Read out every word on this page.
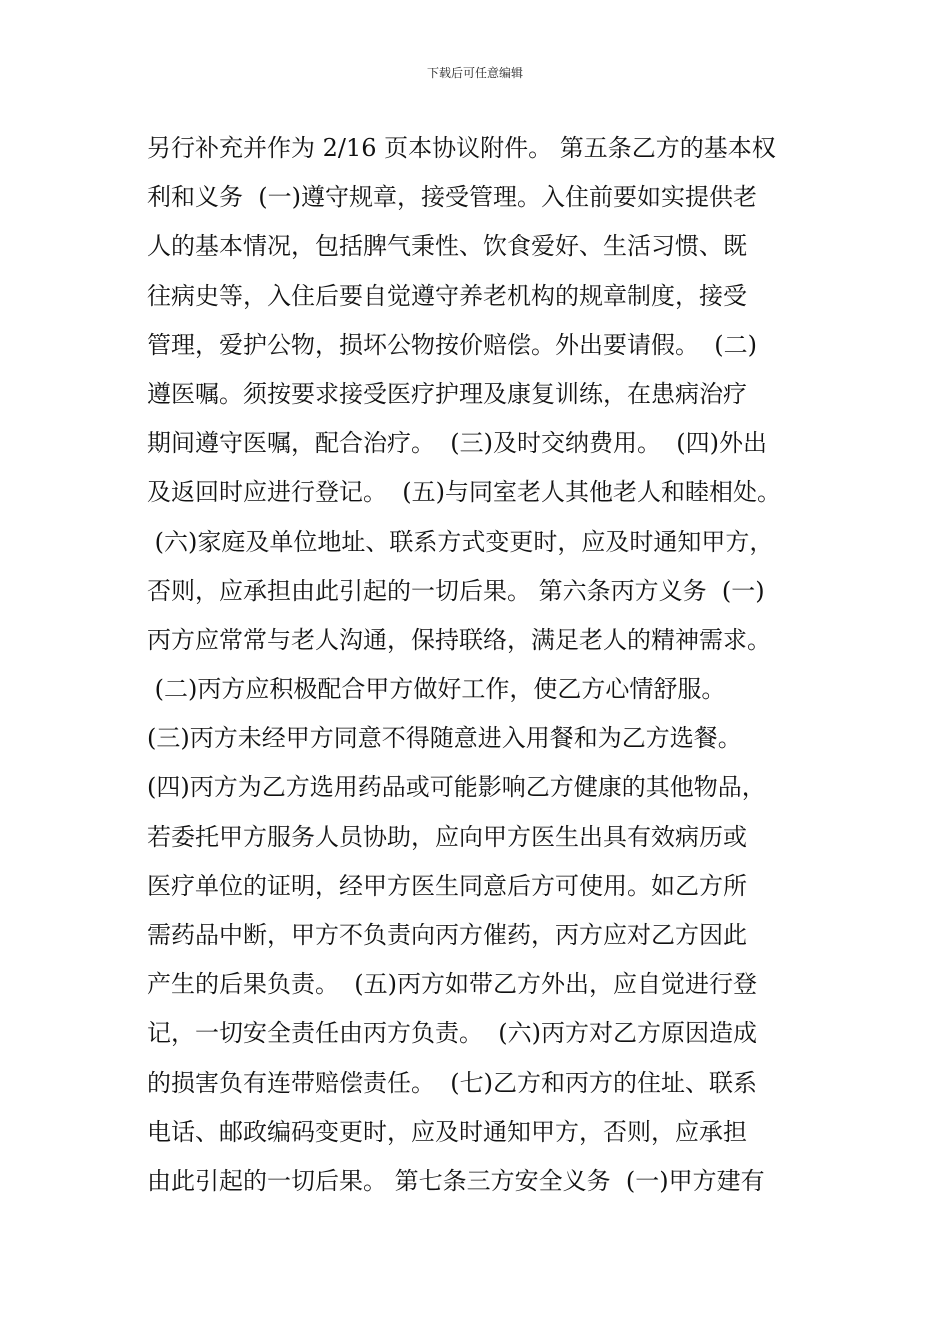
下载后可任意编辑
另行补充并作为 2/16 页本协议附件。 第五条乙方的基本权
利和义务  (一)遵守规章，接受管理。入住前要如实提供老
人的基本情况，包括脾气秉性、饮食爱好、生活习惯、既
往病史等，入住后要自觉遵守养老机构的规章制度，接受
管理，爱护公物，损坏公物按价赔偿。外出要请假。  (二)
遵医嘱。须按要求接受医疗护理及康复训练，在患病治疗
期间遵守医嘱，配合治疗。  (三)及时交纳费用。  (四)外出
及返回时应进行登记。  (五)与同室老人其他老人和睦相处。
(六)家庭及单位地址、联系方式变更时，应及时通知甲方，
否则，应承担由此引起的一切后果。 第六条丙方义务  (一)
丙方应常常与老人沟通，保持联络，满足老人的精神需求。
(二)丙方应积极配合甲方做好工作，使乙方心情舒服。
(三)丙方未经甲方同意不得随意进入用餐和为乙方选餐。
(四)丙方为乙方选用药品或可能影响乙方健康的其他物品，
若委托甲方服务人员协助，应向甲方医生出具有效病历或
医疗单位的证明，经甲方医生同意后方可使用。如乙方所
需药品中断，甲方不负责向丙方催药，丙方应对乙方因此
产生的后果负责。  (五)丙方如带乙方外出，应自觉进行登
记，一切安全责任由丙方负责。  (六)丙方对乙方原因造成
的损害负有连带赔偿责任。  (七)乙方和丙方的住址、联系
电话、邮政编码变更时，应及时通知甲方，否则，应承担
由此引起的一切后果。 第七条三方安全义务  (一)甲方建有
